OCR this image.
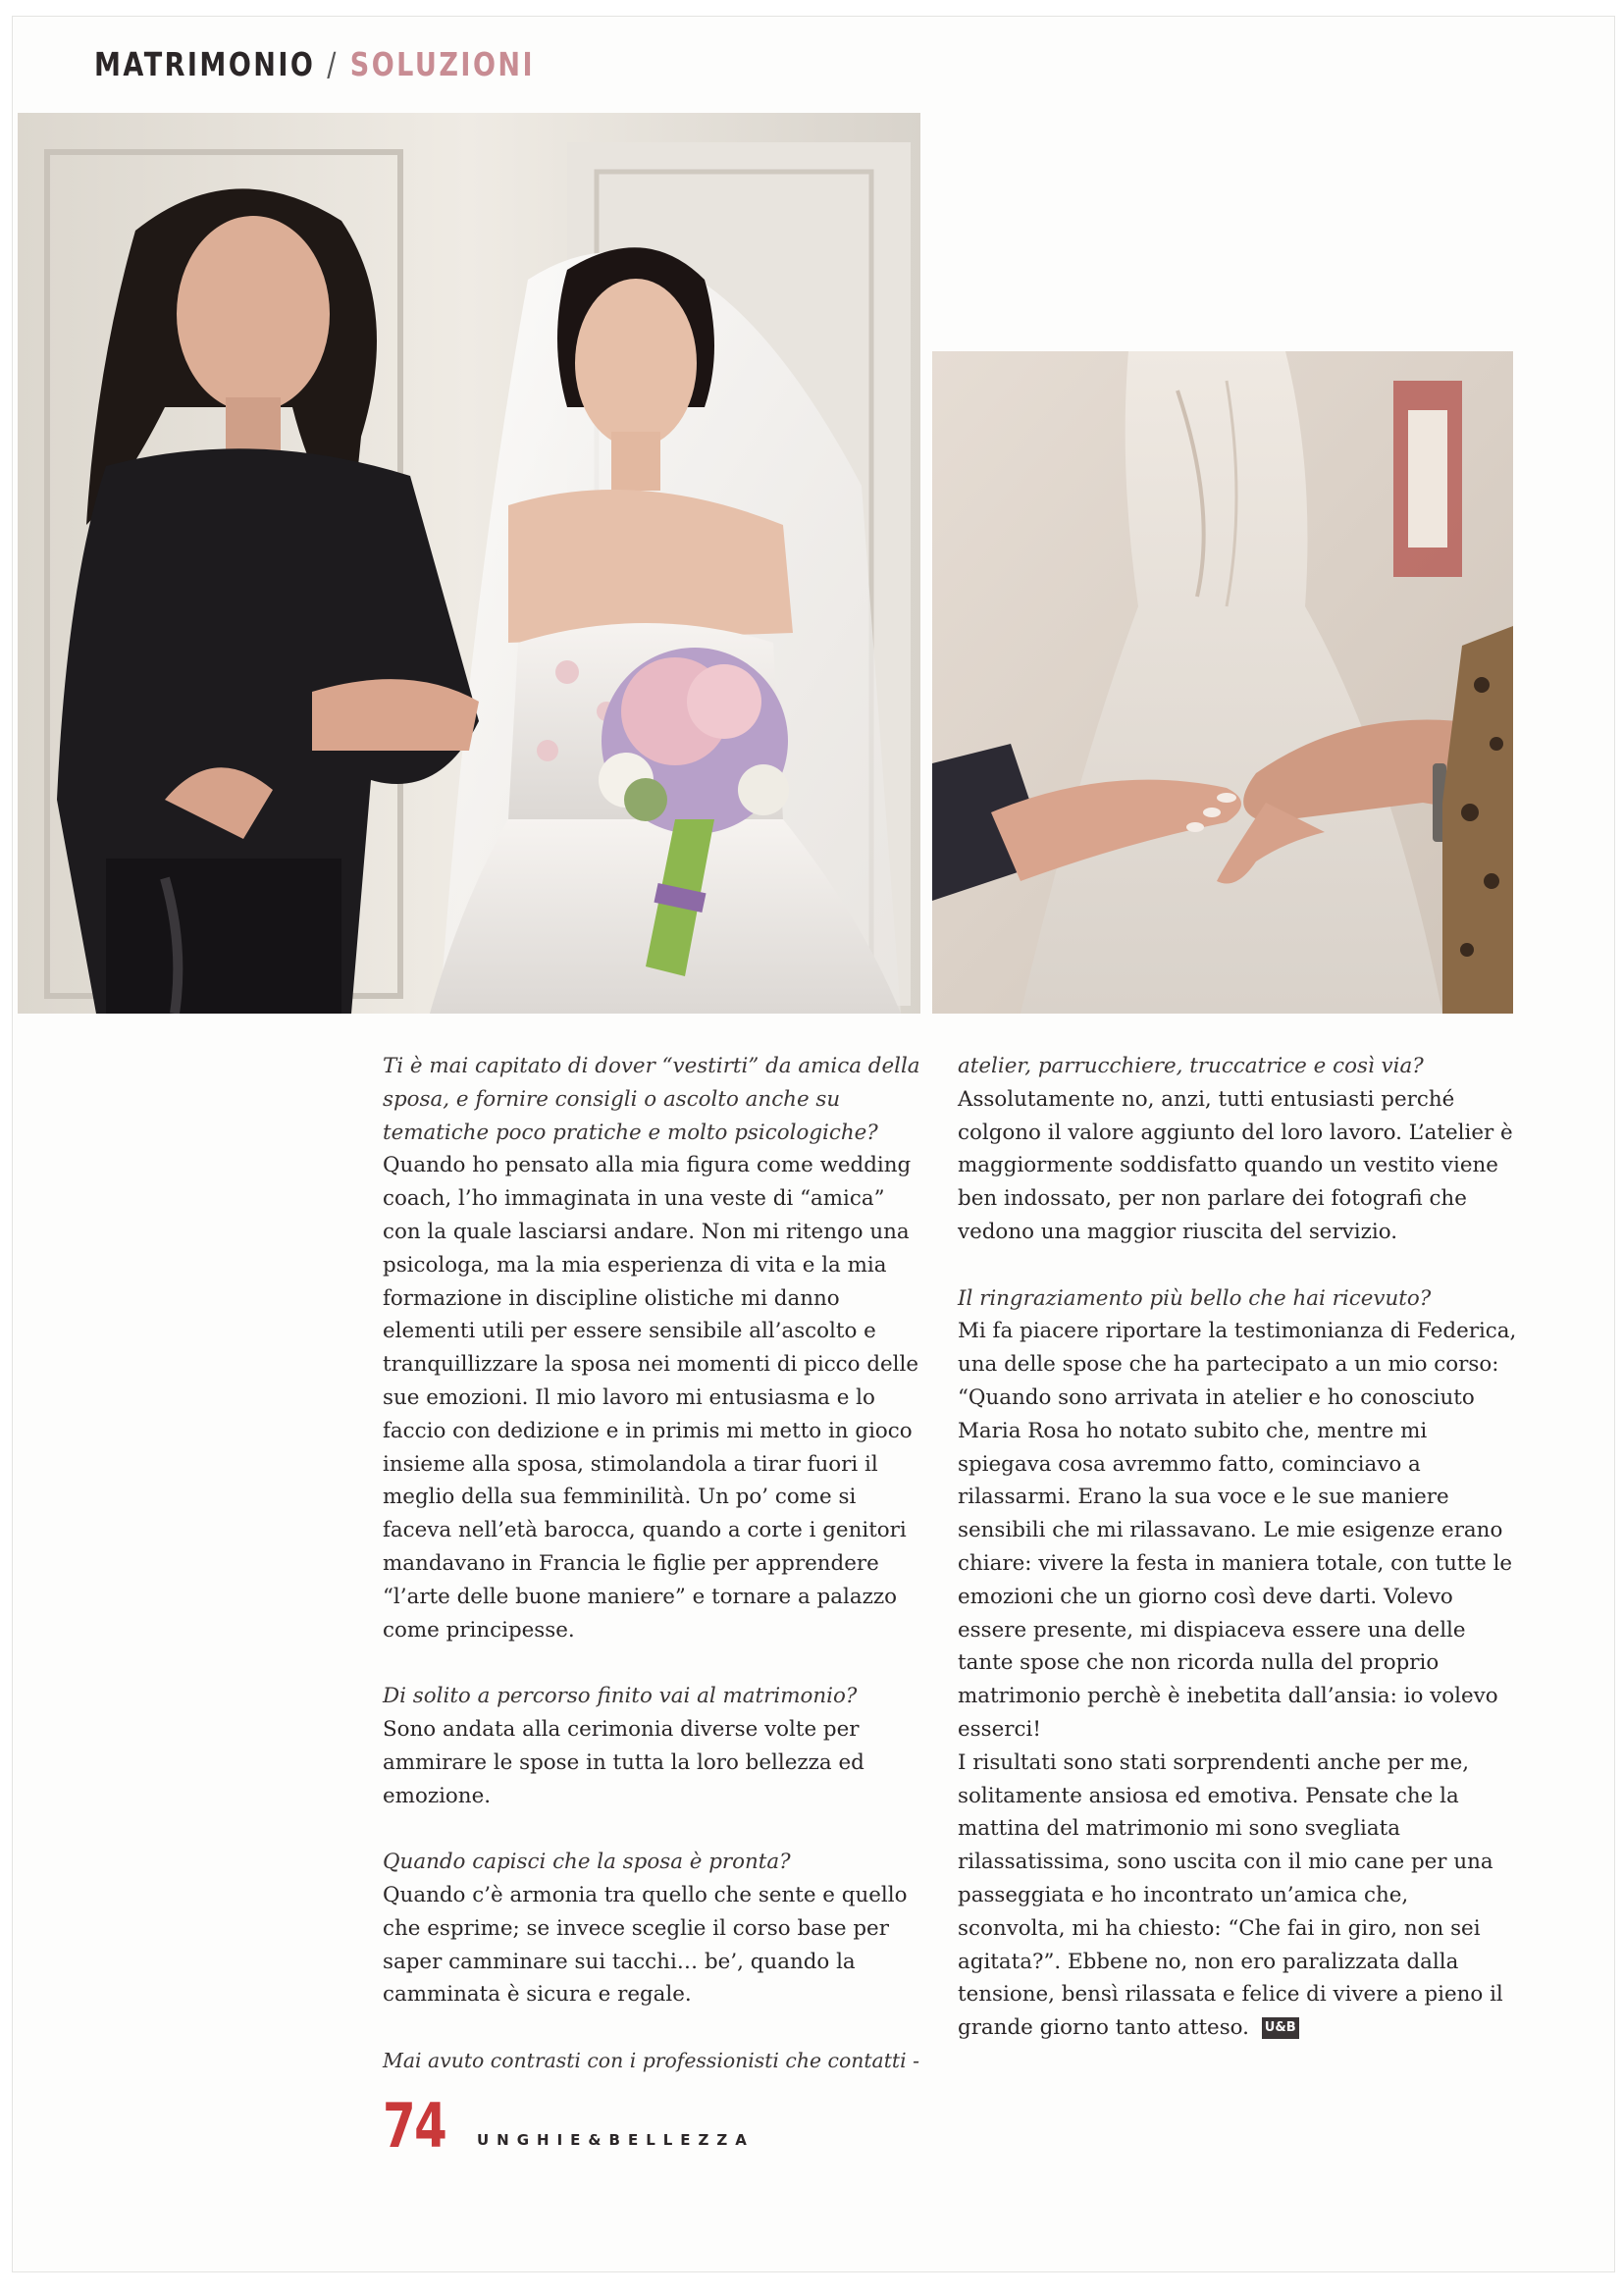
MATRIMONIO / SOLUZIONI

Ti è mai capitato di dover “vestirti” da amica della sposa, e fornire consigli o ascolto anche su tematiche poco pratiche e molto psicologiche?

Quando ho pensato alla mia figura come wedding coach, l’ho immaginata in una veste di “amica” con la quale lasciarsi andare. Non mi ritengo una psicologa, ma la mia esperienza di vita e la mia formazione in discipline olistiche mi danno elementi utili per essere sensibile all’ascolto e tranquillizzare la sposa nei momenti di picco delle sue emozioni. Il mio lavoro mi entusiasma e lo faccio con dedizione e in primis mi metto in gioco insieme alla sposa, stimolandola a tirar fuori il meglio della sua femminilità. Un po’ come si faceva nell’età barocca, quando a corte i genitori mandavano in Francia le figlie per apprendere “l’arte delle buone maniere” e tornare a palazzo come principesse.

Di solito a percorso finito vai al matrimonio?

Sono andata alla cerimonia diverse volte per ammirare le spose in tutta la loro bellezza ed emozione.

Quando capisci che la sposa è pronta?

Quando c’è armonia tra quello che sente e quello che esprime; se invece sceglie il corso base per saper camminare sui tacchi… be’, quando la camminata è sicura e regale.

Mai avuto contrasti con i professionisti che contatti -

atelier, parrucchiere, truccatrice e così via?

Assolutamente no, anzi, tutti entusiasti perché colgono il valore aggiunto del loro lavoro. L’atelier è maggiormente soddisfatto quando un vestito viene ben indossato, per non parlare dei fotografi che vedono una maggior riuscita del servizio.

Il ringraziamento più bello che hai ricevuto?

Mi fa piacere riportare la testimonianza di Federica, una delle spose che ha partecipato a un mio corso: “Quando sono arrivata in atelier e ho conosciuto Maria Rosa ho notato subito che, mentre mi spiegava cosa avremmo fatto, cominciavo a rilassarmi. Erano la sua voce e le sue maniere sensibili che mi rilassavano. Le mie esigenze erano chiare: vivere la festa in maniera totale, con tutte le emozioni che un giorno così deve darti. Volevo essere presente, mi dispiaceva essere una delle tante spose che non ricorda nulla del proprio matrimonio perchè è inebetita dall’ansia: io volevo esserci!

I risultati sono stati sorprendenti anche per me, solitamente ansiosa ed emotiva. Pensate che la mattina del matrimonio mi sono svegliata rilassatissima, sono uscita con il mio cane per una passeggiata e ho incontrato un’amica che, sconvolta, mi ha chiesto: “Che fai in giro, non sei agitata?”. Ebbene no, non ero paralizzata dalla tensione, bensì rilassata e felice di vivere a pieno il grande giorno tanto atteso. U&B

74 UNGHIE&BELLEZZA
